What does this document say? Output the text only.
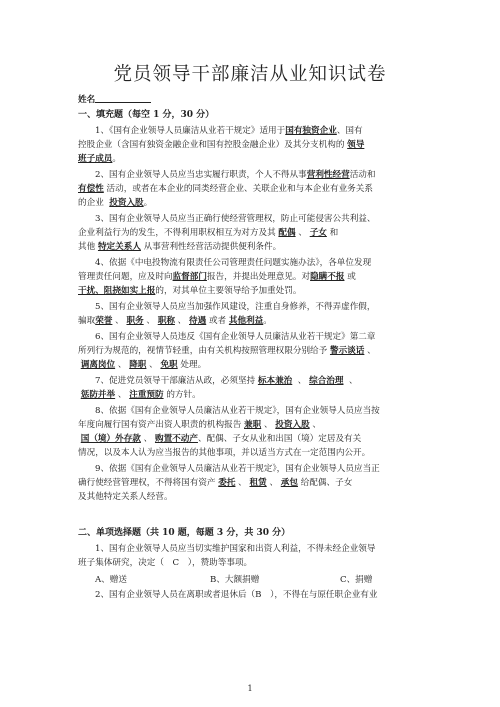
党员领导干部廉洁从业知识试卷
姓名
一、填充题（每空 1 分，30 分）
1、《国有企业领导人员廉洁从业若干规定》适用于国有独资企业、国有
控股企业（含国有独资金融企业和国有控股金融企业）及其分支机构的 领导
班子成员。
2、国有企业领导人员应当忠实履行职责，个人不得从事营利性经营活动和
有偿性 活动，或者在本企业的同类经营企业、关联企业和与本企业有业务关系
的企业 投资入股。
3、国有企业领导人员应当正确行使经营管理权，防止可能侵害公共利益、
企业利益行为的发生，不得利用职权相互为对方及其 配偶 、 子女 和
其他 特定关系人 从事营利性经营活动提供便利条件。
4、依据《中电投物流有限责任公司管理责任问题实施办法》，各单位发现
管理责任问题，应及时向监督部门报告，并提出处理意见。对隐瞒不报 或
干扰、阻挠如实上报的，对其单位主要领导给予加重处罚。
5、国有企业领导人员应当加强作风建设，注重自身修养，不得弄虚作假，
骗取荣誉 、 职务 、 职称 、 待遇 或者 其他利益。
6、国有企业领导人员违反《国有企业领导人员廉洁从业若干规定》第二章
所列行为规范的，视情节轻重，由有关机构按照管理权限分别给予 警示谈话 、
调离岗位 、 降职 、 免职 处理。
7、促进党员领导干部廉洁从政，必须坚持 标本兼治 、 综合治理 、
惩防并举 、 注重预防 的方针。
8、依据《国有企业领导人员廉洁从业若干规定》，国有企业领导人员应当按
年度向履行国有资产出资人职责的机构报告 兼职 、 投资入股 、
国（境）外存款 、 购置不动产、配偶、子女从业和出国（境）定居及有关
情况，以及本人认为应当报告的其他事项，并以适当方式在一定范围内公开。
9、依据《国有企业领导人员廉洁从业若干规定》，国有企业领导人员应当正
确行使经营管理权，不得将国有资产 委托 、 租赁 、 承包 给配偶、子女
及其他特定关系人经营。
二、单项选择题（共 10 题，每题 3 分，共 30 分）
1、国有企业领导人员应当切实维护国家和出资人利益，不得未经企业领导
班子集体研究，决定（　C　），赞助等事项。
A、赠送	B、大额捐赠	C、捐赠
2、国有企业领导人员在离职或者退休后（B　），不得在与原任职企业有业
1
